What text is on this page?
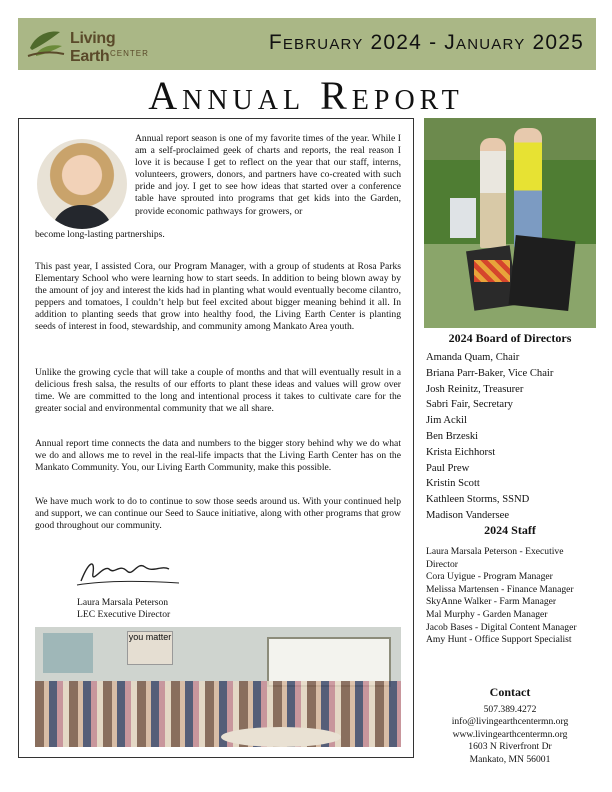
Living Earth CENTER	February 2024 - January 2025
Annual Report
Annual report season is one of my favorite times of the year. While I am a self-proclaimed geek of charts and reports, the real reason I love it is because I get to reflect on the year that our staff, interns, volunteers, growers, donors, and partners have co-created with such pride and joy. I get to see how ideas that started over a conference table have sprouted into programs that get kids into the Garden, provide economic pathways for growers, or
become long-lasting partnerships.
This past year, I assisted Cora, our Program Manager, with a group of students at Rosa Parks Elementary School who were learning how to start seeds. In addition to being blown away by the amount of joy and interest the kids had in planting what would eventually become cilantro, peppers and tomatoes, I couldn’t help but feel excited about bigger meaning behind it all. In addition to planting seeds that grow into healthy food, the Living Earth Center is planting seeds of interest in food, stewardship, and community among Mankato Area youth.
Unlike the growing cycle that will take a couple of months and that will eventually result in a delicious fresh salsa, the results of our efforts to plant these ideas and values will grow over time. We are committed to the long and intentional process it takes to cultivate care for the greater social and environmental community that we all share.
Annual report time connects the data and numbers to the bigger story behind why we do what we do and allows me to revel in the real-life impacts that the Living Earth Center has on the Mankato Community. You, our Living Earth Community, make this possible.
We have much work to do to continue to sow those seeds around us. With your continued help and support, we can continue our Seed to Sauce initiative, along with other programs that grow good throughout our community.
Laura Marsala Peterson
LEC Executive Director
you matter
2024 Board of Directors
Amanda Quam, Chair
Briana Parr-Baker, Vice Chair
Josh Reinitz, Treasurer
Sabri Fair, Secretary
Jim Ackil
Ben Brzeski
Krista Eichhorst
Paul Prew
Kristin Scott
Kathleen Storms, SSND
Madison Vandersee
2024 Staff
Laura Marsala Peterson - Executive Director
Cora Uyigue - Program Manager
Melissa Martensen - Finance Manager
SkyAnne Walker - Farm Manager
Mal Murphy - Garden Manager
Jacob Bases - Digital Content Manager
Amy Hunt - Office Support Specialist
Contact
507.389.4272
info@livingearthcentermn.org
www.livingearthcentermn.org
1603 N Riverfront Dr
Mankato, MN 56001
